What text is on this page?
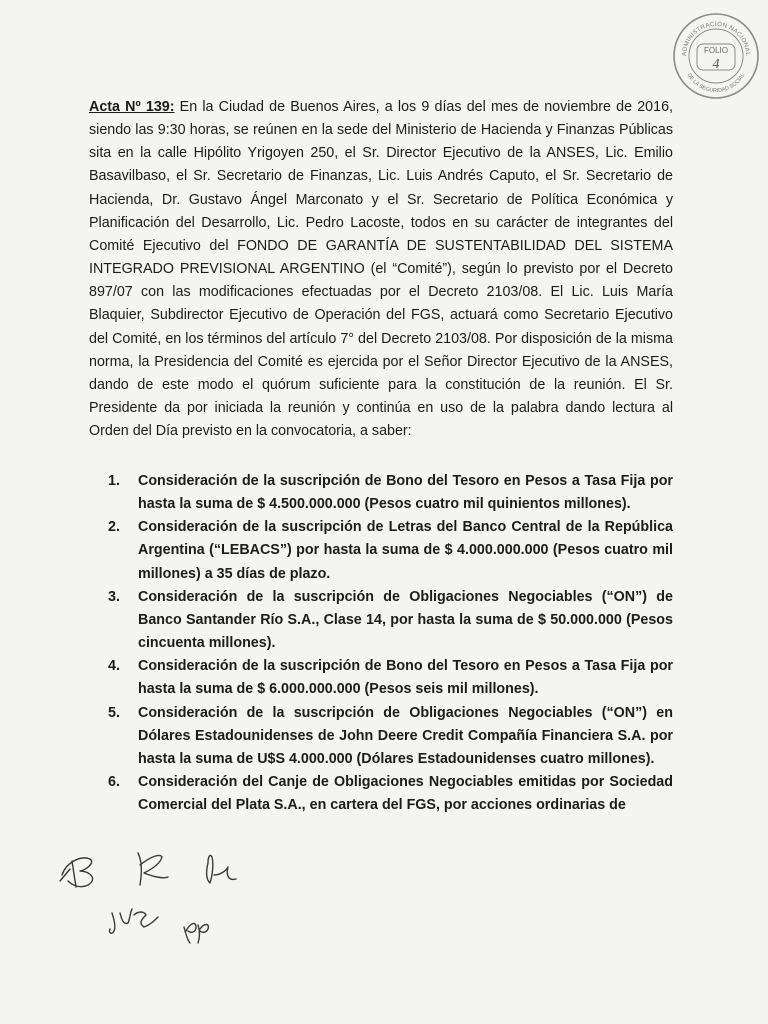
ADMINISTRACIÓN NACIONAL
DE LA SEGURIDAD SOCIAL
FOLIO
4

Acta Nº 139: En la Ciudad de Buenos Aires, a los 9 días del mes de noviembre de 2016, siendo las 9:30 horas, se reúnen en la sede del Ministerio de Hacienda y Finanzas Públicas sita en la calle Hipólito Yrigoyen 250, el Sr. Director Ejecutivo de la ANSES, Lic. Emilio Basavilbaso, el Sr. Secretario de Finanzas, Lic. Luis Andrés Caputo, el Sr. Secretario de Hacienda, Dr. Gustavo Ángel Marconato y el Sr. Secretario de Política Económica y Planificación del Desarrollo, Lic. Pedro Lacoste, todos en su carácter de integrantes del Comité Ejecutivo del FONDO DE GARANTÍA DE SUSTENTABILIDAD DEL SISTEMA INTEGRADO PREVISIONAL ARGENTINO (el “Comité”), según lo previsto por el Decreto 897/07 con las modificaciones efectuadas por el Decreto 2103/08. El Lic. Luis María Blaquier, Subdirector Ejecutivo de Operación del FGS, actuará como Secretario Ejecutivo del Comité, en los términos del artículo 7° del Decreto 2103/08. Por disposición de la misma norma, la Presidencia del Comité es ejercida por el Señor Director Ejecutivo de la ANSES, dando de este modo el quórum suficiente para la constitución de la reunión. El Sr. Presidente da por iniciada la reunión y continúa en uso de la palabra dando lectura al Orden del Día previsto en la convocatoria, a saber:

1. Consideración de la suscripción de Bono del Tesoro en Pesos a Tasa Fija por hasta la suma de $ 4.500.000.000 (Pesos cuatro mil quinientos millones).
2. Consideración de la suscripción de Letras del Banco Central de la República Argentina (“LEBACS”) por hasta la suma de $ 4.000.000.000 (Pesos cuatro mil millones) a 35 días de plazo.
3. Consideración de la suscripción de Obligaciones Negociables (“ON”) de Banco Santander Río S.A., Clase 14, por hasta la suma de $ 50.000.000 (Pesos cincuenta millones).
4. Consideración de la suscripción de Bono del Tesoro en Pesos a Tasa Fija por hasta la suma de $ 6.000.000.000 (Pesos seis mil millones).
5. Consideración de la suscripción de Obligaciones Negociables (“ON”) en Dólares Estadounidenses de John Deere Credit Compañía Financiera S.A. por hasta la suma de U$S 4.000.000 (Dólares Estadounidenses cuatro millones).
6. Consideración del Canje de Obligaciones Negociables emitidas por Sociedad Comercial del Plata S.A., en cartera del FGS, por acciones ordinarias de
